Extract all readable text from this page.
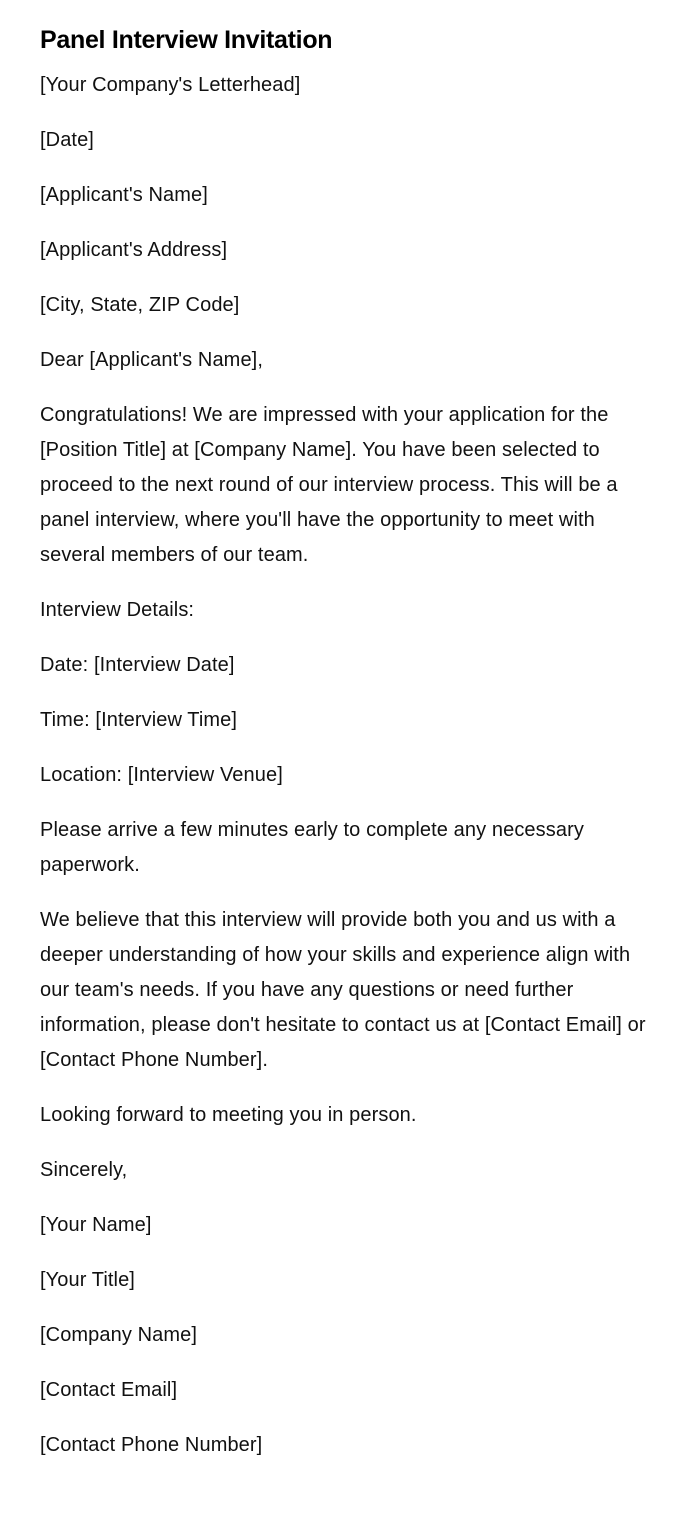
Panel Interview Invitation

[Your Company's Letterhead]

[Date]

[Applicant's Name]

[Applicant's Address]

[City, State, ZIP Code]

Dear [Applicant's Name],

Congratulations! We are impressed with your application for the [Position Title] at [Company Name]. You have been selected to proceed to the next round of our interview process. This will be a panel interview, where you'll have the opportunity to meet with several members of our team.

Interview Details:

Date: [Interview Date]

Time: [Interview Time]

Location: [Interview Venue]

Please arrive a few minutes early to complete any necessary paperwork.

We believe that this interview will provide both you and us with a deeper understanding of how your skills and experience align with our team's needs. If you have any questions or need further information, please don't hesitate to contact us at [Contact Email] or [Contact Phone Number].

Looking forward to meeting you in person.

Sincerely,

[Your Name]

[Your Title]

[Company Name]

[Contact Email]

[Contact Phone Number]
